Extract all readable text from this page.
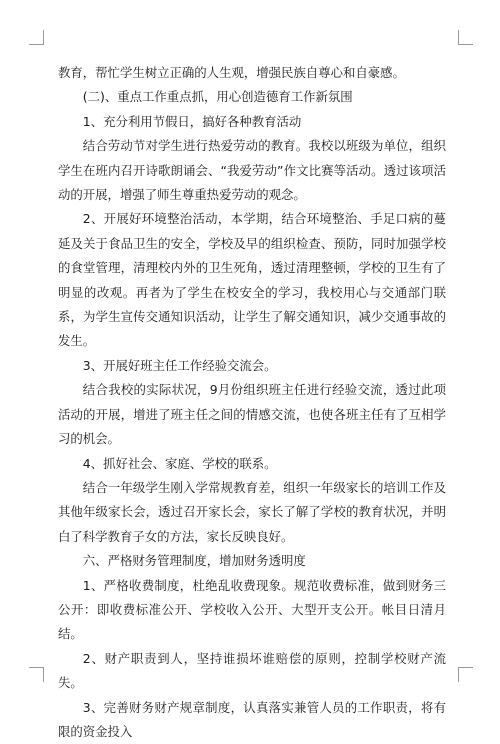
教育，帮忙学生树立正确的人生观，增强民族自尊心和自豪感。

(二)、重点工作重点抓，用心创造德育工作新氛围

1、充分利用节假日，搞好各种教育活动

结合劳动节对学生进行热爱劳动的教育。我校以班级为单位，组织学生在班内召开诗歌朗诵会、“我爱劳动”作文比赛等活动。透过该项活动的开展，增强了师生尊重热爱劳动的观念。

2、开展好环境整治活动，本学期，结合环境整治、手足口病的蔓延及关于食品卫生的安全，学校及早的组织检查、预防，同时加强学校的食堂管理，清理校内外的卫生死角，透过清理整顿，学校的卫生有了明显的改观。再者为了学生在校安全的学习，我校用心与交通部门联系，为学生宣传交通知识活动，让学生了解交通知识，减少交通事故的发生。

3、开展好班主任工作经验交流会。

结合我校的实际状况，9月份组织班主任进行经验交流，透过此项活动的开展，增进了班主任之间的情感交流，也使各班主任有了互相学习的机会。

4、抓好社会、家庭、学校的联系。

结合一年级学生刚入学常规教育差，组织一年级家长的培训工作及其他年级家长会，透过召开家长会，家长了解了学校的教育状况，并明白了科学教育子女的方法，家长反映良好。

六、严格财务管理制度，增加财务透明度

1、严格收费制度，杜绝乱收费现象。规范收费标准，做到财务三公开：即收费标准公开、学校收入公开、大型开支公开。帐目日清月结。

2、财产职责到人，坚持谁损坏谁赔偿的原则，控制学校财产流失。

3、完善财务财产规章制度，认真落实兼管人员的工作职责，将有限的资金投入
